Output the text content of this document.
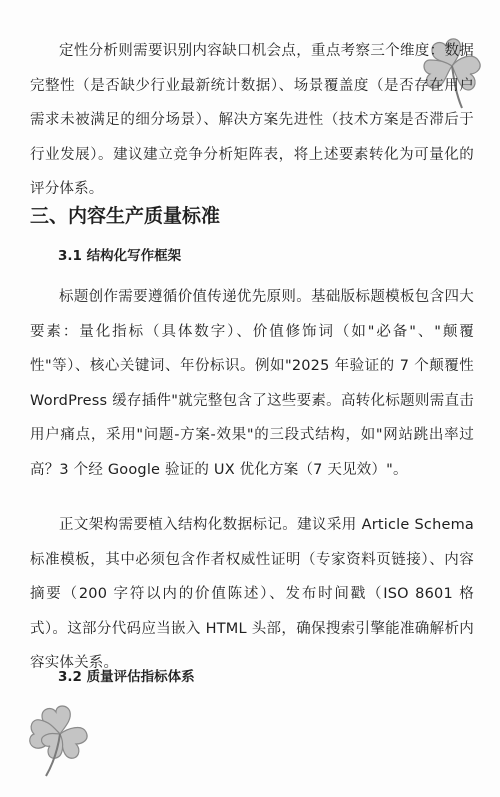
定性分析则需要识别内容缺口机会点，重点考察三个维度：数据完整性（是否缺少行业最新统计数据）、场景覆盖度（是否存在用户需求未被满足的细分场景）、解决方案先进性（技术方案是否滞后于行业发展）。建议建立竞争分析矩阵表，将上述要素转化为可量化的评分体系。

三、内容生产质量标准
3.1 结构化写作框架

标题创作需要遵循价值传递优先原则。基础版标题模板包含四大要素：量化指标（具体数字）、价值修饰词（如"必备"、"颠覆性"等）、核心关键词、年份标识。例如"2025 年验证的 7 个颠覆性 WordPress 缓存插件"就完整包含了这些要素。高转化标题则需直击用户痛点，采用"问题-方案-效果"的三段式结构，如"网站跳出率过高？3 个经 Google 验证的 UX 优化方案（7 天见效）"。

正文架构需要植入结构化数据标记。建议采用 Article Schema 标准模板，其中必须包含作者权威性证明（专家资料页链接）、内容摘要（200 字符以内的价值陈述）、发布时间戳（ISO 8601 格式）。这部分代码应当嵌入 HTML 头部，确保搜索引擎能准确解析内容实体关系。

3.2 质量评估指标体系
